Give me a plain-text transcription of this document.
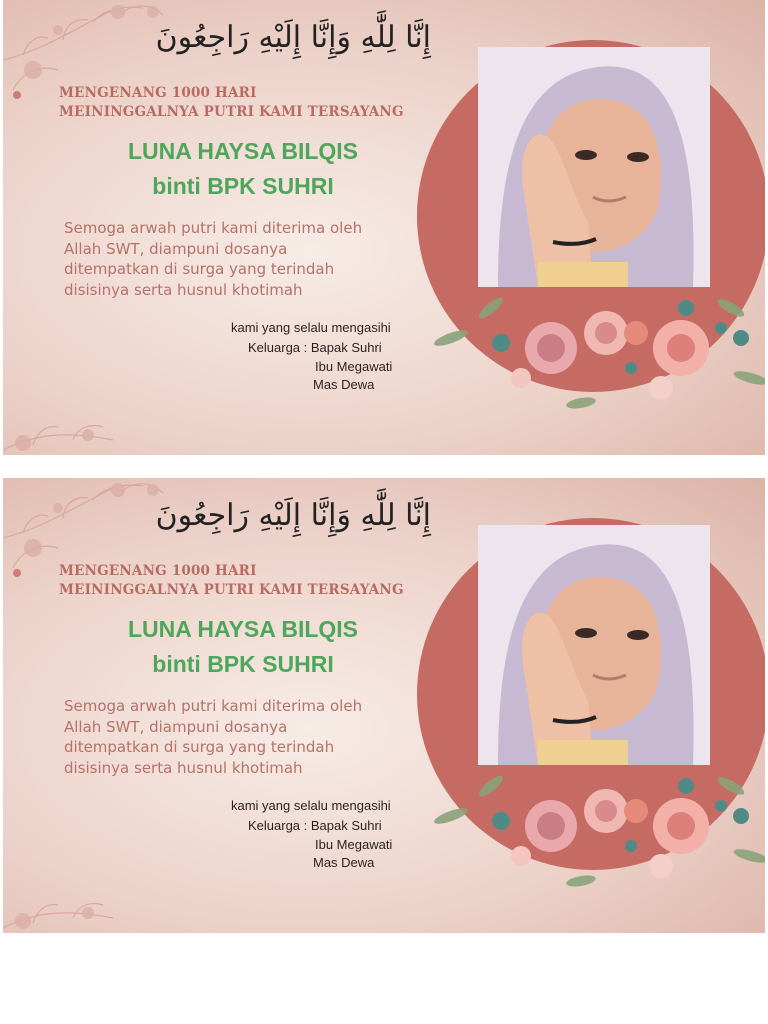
إِنَّا لِلَّٰهِ وَإِنَّا إِلَيْهِ رَاجِعُونَ
MENGENANG 1000 HARI
MEININGGALNYA PUTRI KAMI TERSAYANG
LUNA HAYSA BILQIS
binti BPK SUHRI
Semoga arwah putri kami diterima oleh
Allah SWT, diampuni dosanya
ditempatkan di surga yang terindah
disisinya serta husnul khotimah
kami yang selalu mengasihi
Keluarga : Bapak Suhri
Ibu Megawati
Mas Dewa
إِنَّا لِلَّٰهِ وَإِنَّا إِلَيْهِ رَاجِعُونَ
MENGENANG 1000 HARI
MEININGGALNYA PUTRI KAMI TERSAYANG
LUNA HAYSA BILQIS
binti BPK SUHRI
Semoga arwah putri kami diterima oleh
Allah SWT, diampuni dosanya
ditempatkan di surga yang terindah
disisinya serta husnul khotimah
kami yang selalu mengasihi
Keluarga : Bapak Suhri
Ibu Megawati
Mas Dewa
